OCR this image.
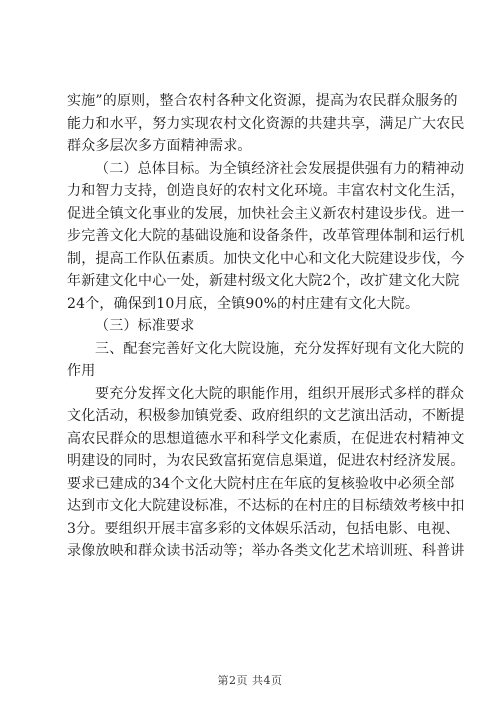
实施”的原则，整合农村各种文化资源，提高为农民群众服务的
能力和水平，努力实现农村文化资源的共建共享，满足广大农民
群众多层次多方面精神需求。
（二）总体目标。为全镇经济社会发展提供强有力的精神动
力和智力支持，创造良好的农村文化环境。丰富农村文化生活，
促进全镇文化事业的发展，加快社会主义新农村建设步伐。进一
步完善文化大院的基础设施和设备条件，改革管理体制和运行机
制，提高工作队伍素质。加快文化中心和文化大院建设步伐，今
年新建文化中心一处，新建村级文化大院2个，改扩建文化大院
24个，确保到10月底，全镇90%的村庄建有文化大院。
（三）标准要求
三、配套完善好文化大院设施，充分发挥好现有文化大院的
作用
要充分发挥文化大院的职能作用，组织开展形式多样的群众
文化活动，积极参加镇党委、政府组织的文艺演出活动，不断提
高农民群众的思想道德水平和科学文化素质，在促进农村精神文
明建设的同时，为农民致富拓宽信息渠道，促进农村经济发展。
要求已建成的34个文化大院村庄在年底的复核验收中必须全部
达到市文化大院建设标准，不达标的在村庄的目标绩效考核中扣
3分。要组织开展丰富多彩的文体娱乐活动，包括电影、电视、
录像放映和群众读书活动等；举办各类文化艺术培训班、科普讲
第2页 共4页
